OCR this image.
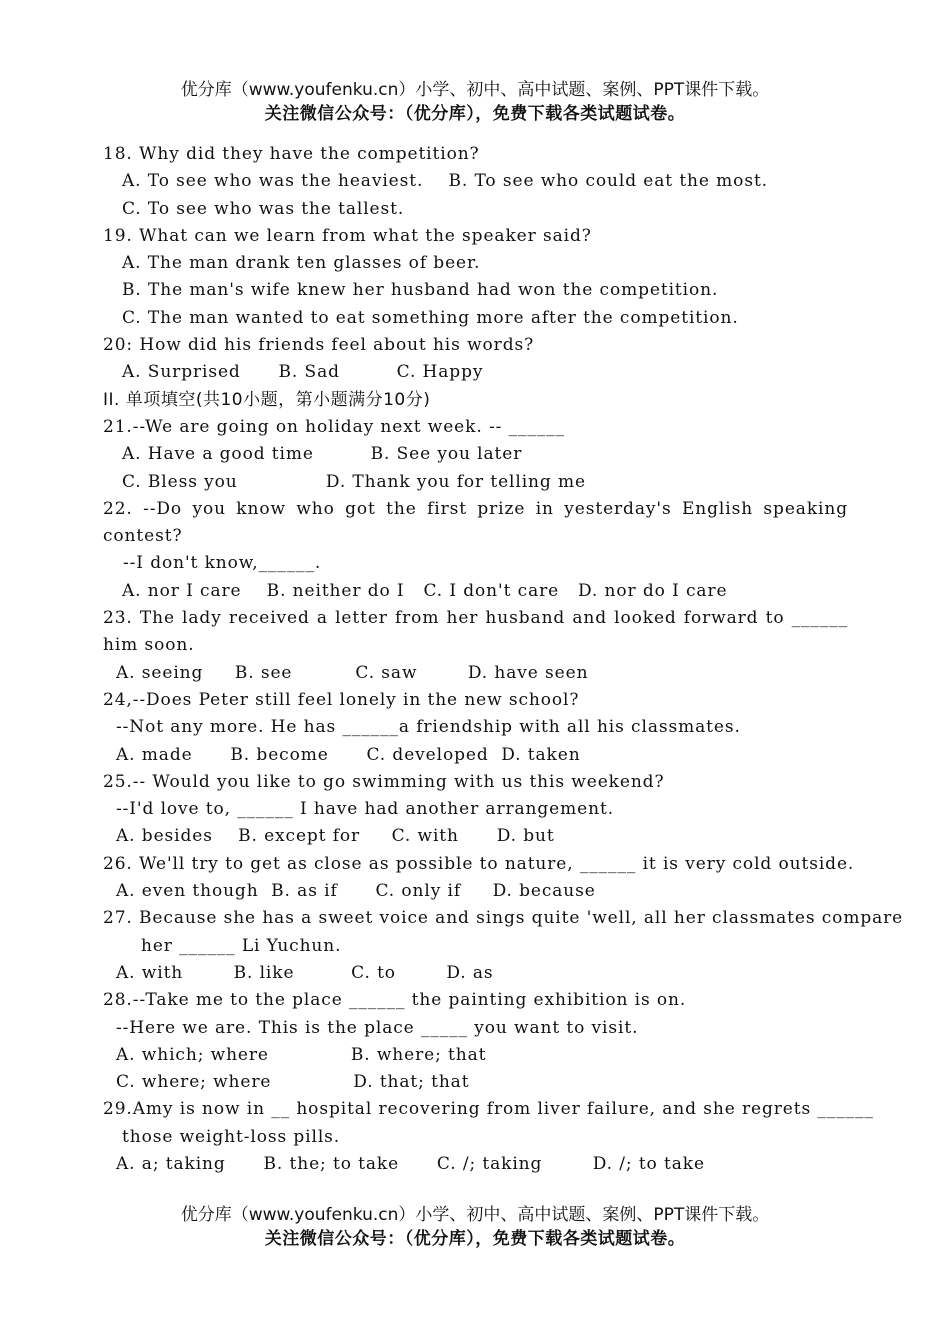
优分库（www.youfenku.cn）小学、初中、高中试题、案例、PPT课件下载。
关注微信公众号：（优分库），免费下载各类试题试卷。
18. Why did they have the competition?
A. To see who was the heaviest.    B. To see who could eat the most.
C. To see who was the tallest.
19. What can we learn from what the speaker said?
A. The man drank ten glasses of beer.
B. The man's wife knew her husband had won the competition.
C. The man wanted to eat something more after the competition.
20: How did his friends feel about his words?
A. Surprised      B. Sad         C. Happy
II. 单项填空(共10小题，第小题满分10分)
21.--We are going on holiday next week. -- ______
A. Have a good time         B. See you later
C. Bless you              D. Thank you for telling me
22. --Do you know who got the first prize in yesterday's English speaking
contest?
--I don't know,______.
A. nor I care    B. neither do I   C. I don't care   D. nor do I care
23. The lady received a letter from her husband and looked forward to ______
him soon.
A. seeing     B. see          C. saw        D. have seen
24,--Does Peter still feel lonely in the new school?
--Not any more. He has ______a friendship with all his classmates.
A. made      B. become      C. developed  D. taken
25.-- Would you like to go swimming with us this weekend?
--I'd love to, ______ I have had another arrangement.
A. besides    B. except for     C. with      D. but
26. We'll try to get as close as possible to nature, ______ it is very cold outside.
A. even though  B. as if      C. only if     D. because
27. Because she has a sweet voice and sings quite 'well, all her classmates compare
her ______ Li Yuchun.
A. with        B. like         C. to        D. as
28.--Take me to the place ______ the painting exhibition is on.
--Here we are. This is the place _____ you want to visit.
A. which; where             B. where; that
C. where; where             D. that; that
29.Amy is now in __ hospital recovering from liver failure, and she regrets ______
those weight-loss pills.
A. a; taking      B. the; to take      C. /; taking        D. /; to take
优分库（www.youfenku.cn）小学、初中、高中试题、案例、PPT课件下载。
关注微信公众号：（优分库），免费下载各类试题试卷。
